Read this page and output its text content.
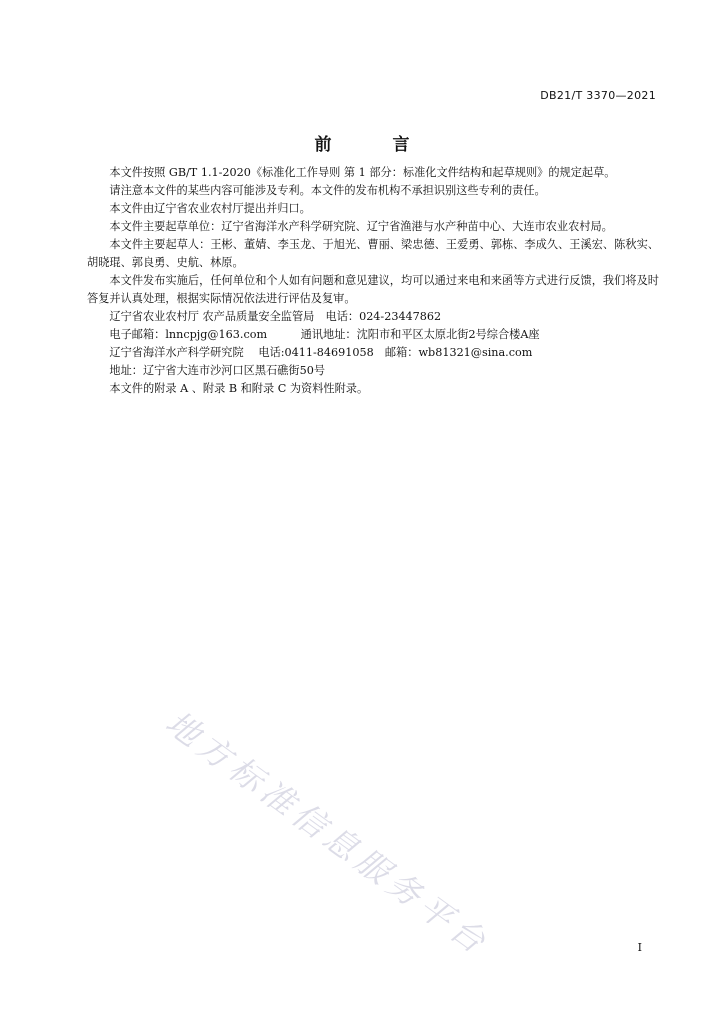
DB21/T 3370—2021
前　言

本文件按照 GB/T 1.1-2020《标准化工作导则 第 1 部分：标准化文件结构和起草规则》的规定起草。

请注意本文件的某些内容可能涉及专利。本文件的发布机构不承担识别这些专利的责任。

本文件由辽宁省农业农村厅提出并归口。

本文件主要起草单位：辽宁省海洋水产科学研究院、辽宁省渔港与水产种苗中心、大连市农业农村局。

本文件主要起草人：王彬、董婧、李玉龙、于旭光、曹丽、梁忠德、王爱勇、郭栋、李成久、王溪宏、陈秋实、胡晓琨、郭良勇、史航、林原。

本文件发布实施后，任何单位和个人如有问题和意见建议，均可以通过来电和来函等方式进行反馈，我们将及时答复并认真处理，根据实际情况依法进行评估及复审。

辽宁省农业农村厅 农产品质量安全监管局　电话：024-23447862

电子邮箱：lnncpjg@163.com　　　通讯地址：沈阳市和平区太原北街2号综合楼A座

辽宁省海洋水产科学研究院　 电话:0411-84691058　邮箱：wb81321@sina.com

地址：辽宁省大连市沙河口区黑石礁街50号

本文件的附录 A 、附录 B 和附录 C 为资料性附录。

地方标准信息服务平台	I
